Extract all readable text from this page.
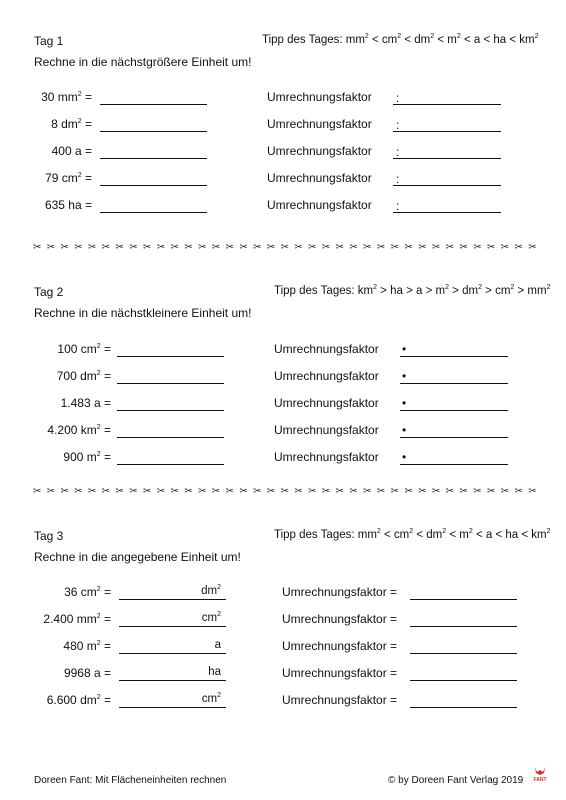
Tag 1	Tipp des Tages: $mm^2 < cm^2 < dm^2 < m^2 < a$ < ha < $km^2$
Rechne in die nächstgrößere Einheit um!
30 $mm^2$ =	Umrechnungsfaktor :
8 $dm^2$ =	Umrechnungsfaktor :
400 a =	Umrechnungsfaktor :
79 $cm^2$ =	Umrechnungsfaktor :
635 ha =	Umrechnungsfaktor :
✂ ✂ ✂ ✂ ✂ ✂ ✂ ✂ ✂ ✂ ✂ ✂ ✂ ✂ ✂ ✂ ✂ ✂ ✂ ✂ ✂ ✂ ✂ ✂ ✂ ✂ ✂ ✂ ✂ ✂ ✂ ✂ ✂ ✂ ✂ ✂ ✂
Tag 2	Tipp des Tages: $km^2$ > ha > $a > m^2 > dm^2 > cm^2 > mm^2$
Rechne in die nächstkleinere Einheit um!
100 $cm^2$ =	Umrechnungsfaktor •
700 $dm^2$ =	Umrechnungsfaktor •
1.483 a =	Umrechnungsfaktor •
4.200 $km^2$ =	Umrechnungsfaktor •
900 $m^2$ =	Umrechnungsfaktor •
✂ ✂ ✂ ✂ ✂ ✂ ✂ ✂ ✂ ✂ ✂ ✂ ✂ ✂ ✂ ✂ ✂ ✂ ✂ ✂ ✂ ✂ ✂ ✂ ✂ ✂ ✂ ✂ ✂ ✂ ✂ ✂ ✂ ✂ ✂ ✂ ✂
Tag 3	Tipp des Tages: $mm^2 < cm^2 < dm^2 < m^2 < a$ < ha < $km^2$
Rechne in die angegebene Einheit um!
36 $cm^2$ =	$dm^2$	Umrechnungsfaktor =
2.400 $mm^2$ =	$cm^2$	Umrechnungsfaktor =
480 $m^2$ =	a	Umrechnungsfaktor =
9968 a =	ha	Umrechnungsfaktor =
6.600 $dm^2$ =	$cm^2$	Umrechnungsfaktor =
Doreen Fant: Mit Flächeneinheiten rechnen	© by Doreen Fant Verlag 2019 FANT
